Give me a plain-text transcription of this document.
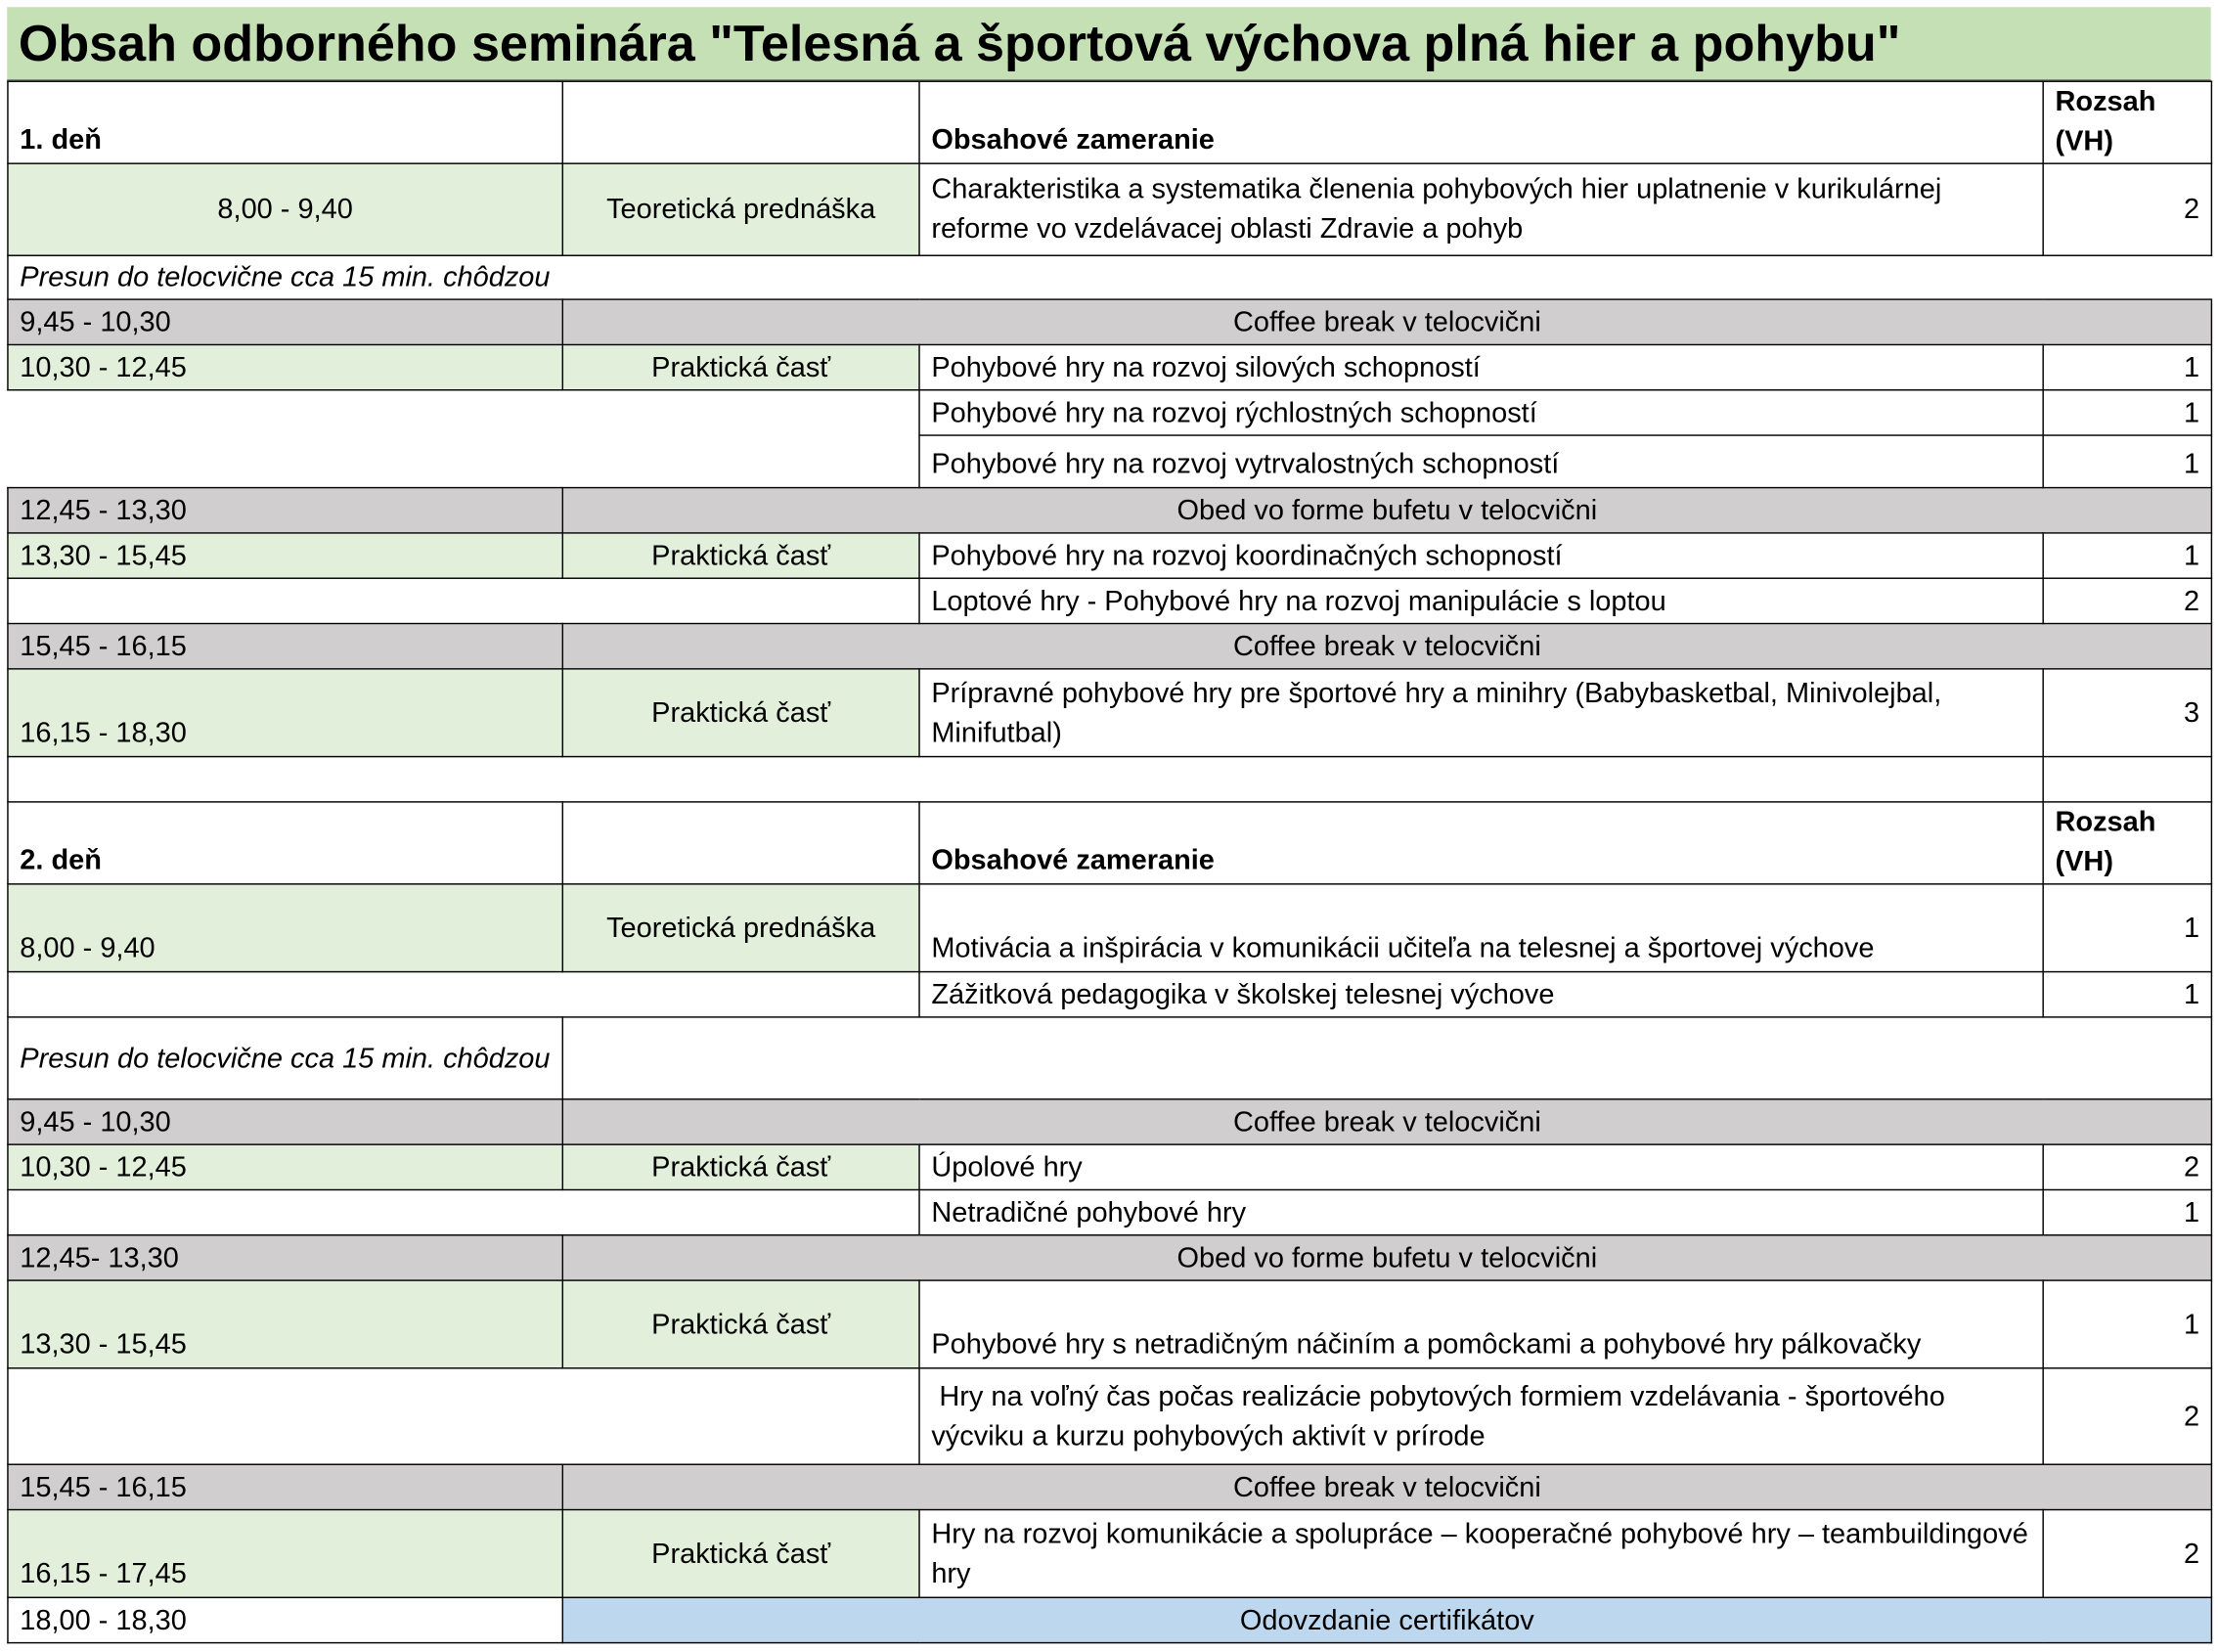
Obsah odborného seminára "Telesná a športová výchova plná hier a pohybu"
1. deň		Obsahové zameranie	Rozsah (VH)
8,00 - 9,40	Teoretická prednáška	Charakteristika a systematika členenia pohybových hier uplatnenie v kurikulárnej reforme vo vzdelávacej oblasti Zdravie a pohyb	2
Presun do telocvične cca 15 min. chôdzou			
9,45 - 10,30	Coffee break v telocvični		
10,30 - 12,45	Praktická časť	Pohybové hry na rozvoj silových schopností	1
		Pohybové hry na rozvoj rýchlostných schopností	1
		Pohybové hry na rozvoj vytrvalostných schopností	1
12,45 - 13,30	Obed vo forme bufetu v telocvični		
13,30 - 15,45	Praktická časť	Pohybové hry na rozvoj koordinačných schopností	1
		Loptové hry - Pohybové hry na rozvoj manipulácie s loptou	2
15,45 - 16,15	Coffee break v telocvični		
16,15 - 18,30	Praktická časť	Prípravné pohybové hry pre športové hry a minihry (Babybasketbal, Minivolejbal, Minifutbal)	3

2. deň		Obsahové zameranie	Rozsah (VH)
8,00 - 9,40	Teoretická prednáška	Motivácia a inšpirácia v komunikácii učiteľa na telesnej a športovej výchove	1
		Zážitková pedagogika v školskej telesnej výchove	1
Presun do telocvične cca 15 min. chôdzou			
9,45 - 10,30	Coffee break v telocvični		
10,30 - 12,45	Praktická časť	Úpolové hry	2
		Netradičné pohybové hry	1
12,45- 13,30	Obed vo forme bufetu v telocvični		
13,30 - 15,45	Praktická časť	Pohybové hry s netradičným náčiním a pomôckami a pohybové hry pálkovačky	1
		Hry na voľný čas počas realizácie pobytových formiem vzdelávania - športového výcviku a kurzu pohybových aktivít v prírode	2
15,45 - 16,15	Coffee break v telocvični		
16,15 - 17,45	Praktická časť	Hry na rozvoj komunikácie a spolupráce – kooperačné pohybové hry – teambuildingové hry	2
18,00 - 18,30	Odovzdanie certifikátov		
